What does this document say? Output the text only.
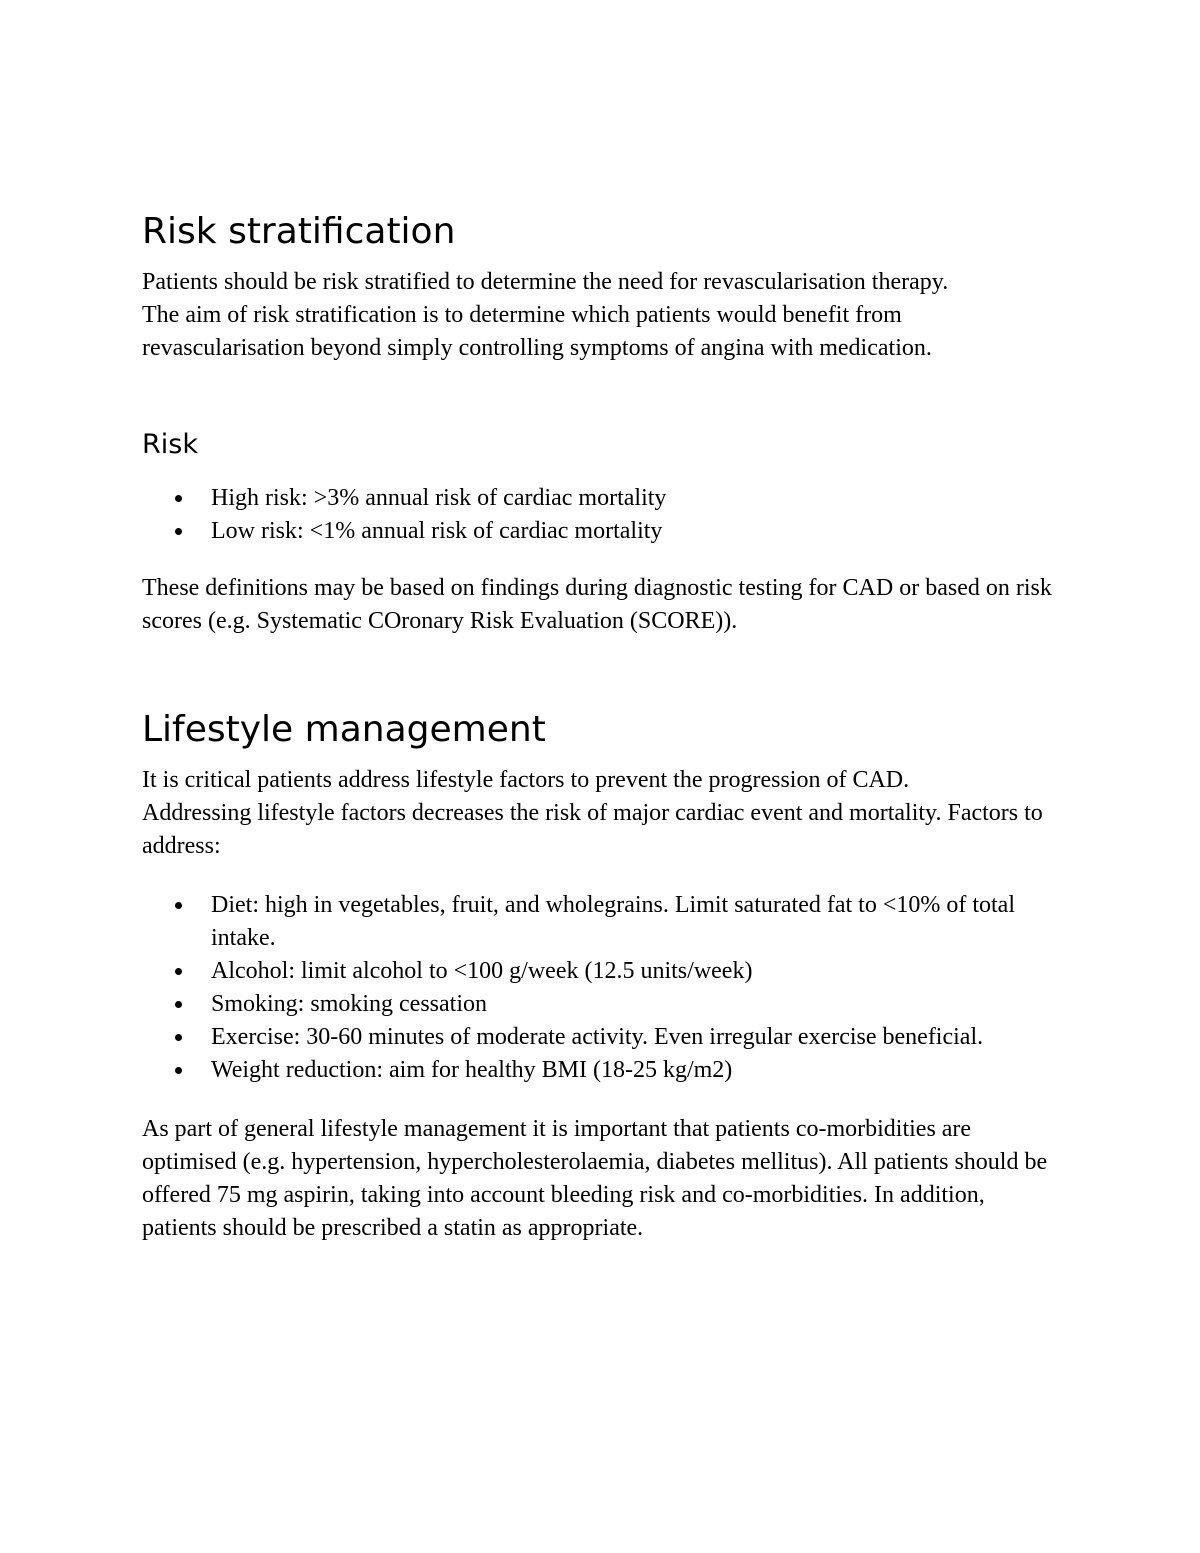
Risk stratification

Patients should be risk stratified to determine the need for revascularisation therapy.
The aim of risk stratification is to determine which patients would benefit from revascularisation beyond simply controlling symptoms of angina with medication.

Risk
High risk: >3% annual risk of cardiac mortality
Low risk: <1% annual risk of cardiac mortality

These definitions may be based on findings during diagnostic testing for CAD or based on risk scores (e.g. Systematic COronary Risk Evaluation (SCORE)).

Lifestyle management

It is critical patients address lifestyle factors to prevent the progression of CAD.
Addressing lifestyle factors decreases the risk of major cardiac event and mortality. Factors to address:

Diet: high in vegetables, fruit, and wholegrains. Limit saturated fat to <10% of total intake.
Alcohol: limit alcohol to <100 g/week (12.5 units/week)
Smoking: smoking cessation
Exercise: 30-60 minutes of moderate activity. Even irregular exercise beneficial.
Weight reduction: aim for healthy BMI (18-25 kg/m2)

As part of general lifestyle management it is important that patients co-morbidities are optimised (e.g. hypertension, hypercholesterolaemia, diabetes mellitus). All patients should be offered 75 mg aspirin, taking into account bleeding risk and co-morbidities. In addition, patients should be prescribed a statin as appropriate.
